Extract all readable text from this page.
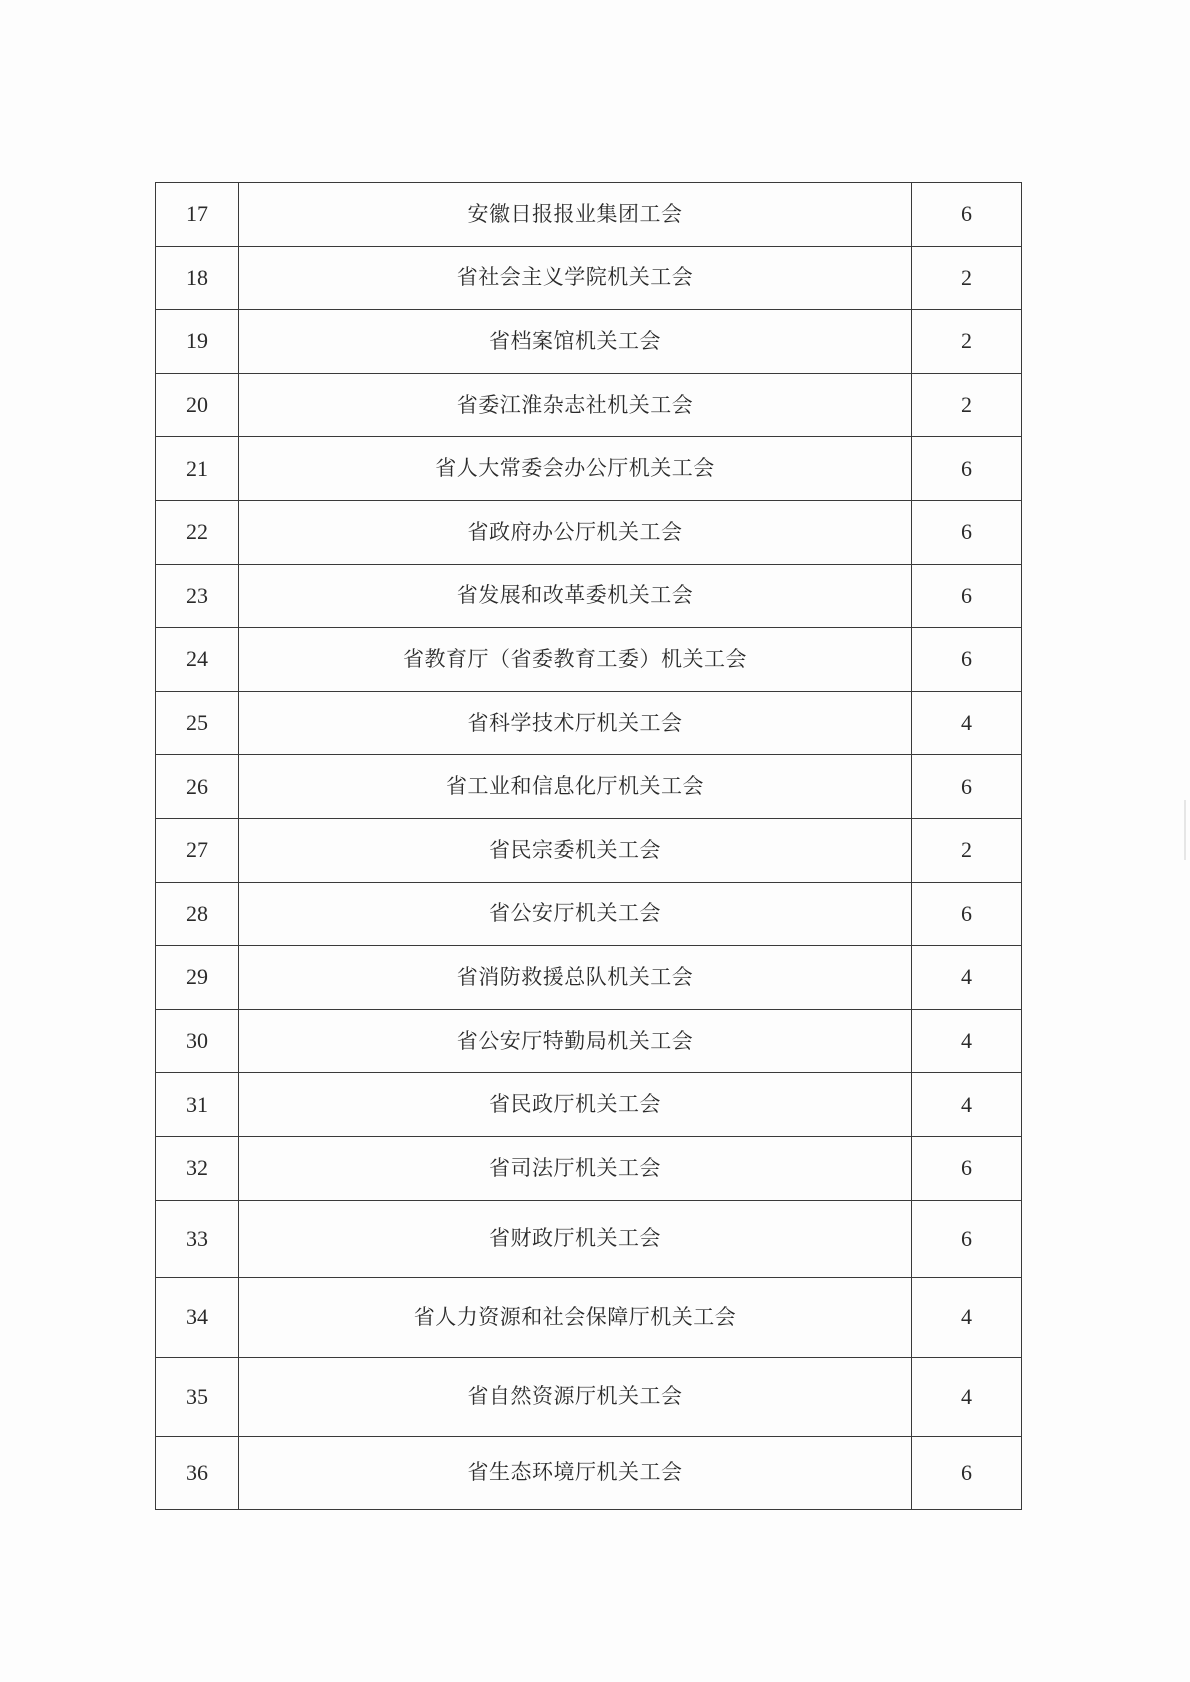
17	安徽日报报业集团工会	6
18	省社会主义学院机关工会	2
19	省档案馆机关工会	2
20	省委江淮杂志社机关工会	2
21	省人大常委会办公厅机关工会	6
22	省政府办公厅机关工会	6
23	省发展和改革委机关工会	6
24	省教育厅（省委教育工委）机关工会	6
25	省科学技术厅机关工会	4
26	省工业和信息化厅机关工会	6
27	省民宗委机关工会	2
28	省公安厅机关工会	6
29	省消防救援总队机关工会	4
30	省公安厅特勤局机关工会	4
31	省民政厅机关工会	4
32	省司法厅机关工会	6
33	省财政厅机关工会	6
34	省人力资源和社会保障厅机关工会	4
35	省自然资源厅机关工会	4
36	省生态环境厅机关工会	6
